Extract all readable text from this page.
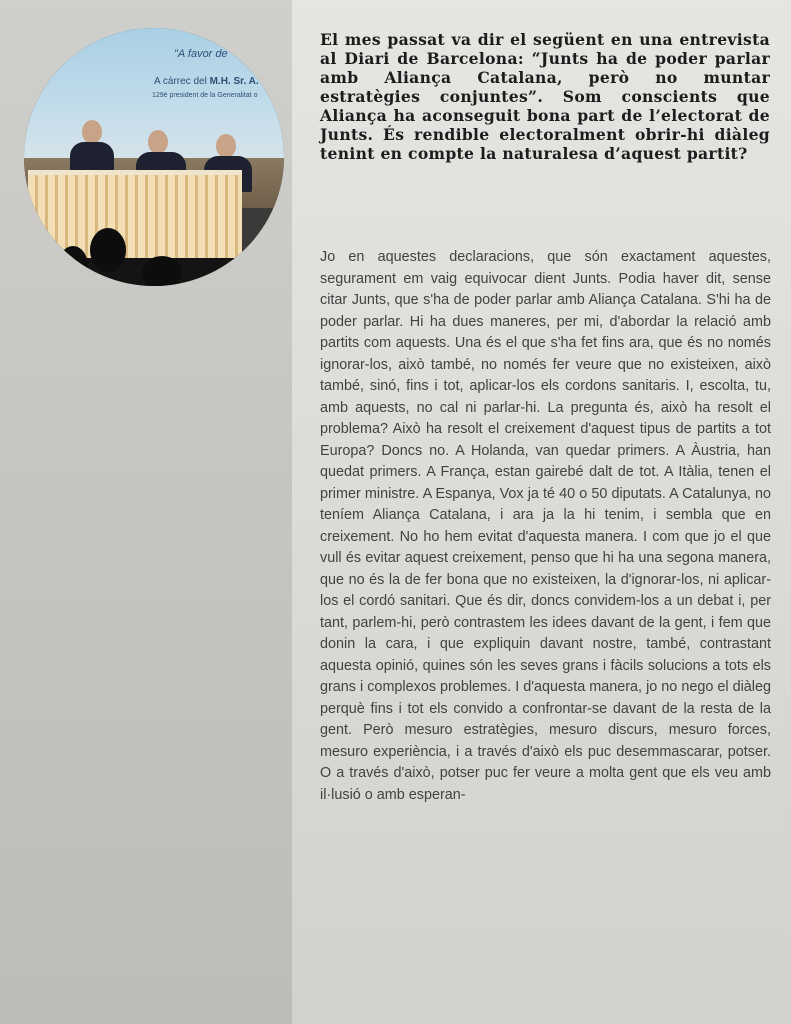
"A favor de
A càrrec del M.H. Sr. A.
129è president de la Generalitat o

El mes passat va dir el següent en una entrevista al Diari de Barcelona: “Junts ha de poder parlar amb Aliança Catalana, però no muntar estratègies conjuntes”. Som conscients que Aliança ha aconseguit bona part de l’electorat de Junts. És rendible electoralment obrir-hi diàleg tenint en compte la naturalesa d’aquest partit?

Jo en aquestes declaracions, que són exactament aquestes, segurament em vaig equivocar dient Junts. Podia haver dit, sense citar Junts, que s'ha de poder parlar amb Aliança Catalana. S'hi ha de poder parlar. Hi ha dues maneres, per mi, d'abordar la relació amb partits com aquests. Una és el que s'ha fet fins ara, que és no només ignorar-los, això també, no només fer veure que no existeixen, això també, sinó, fins i tot, aplicar-los els cordons sanitaris. I, escolta, tu, amb aquests, no cal ni parlar-hi. La pregunta és, això ha resolt el problema? Això ha resolt el creixement d'aquest tipus de partits a tot Europa? Doncs no. A Holanda, van quedar primers. A Àustria, han quedat primers. A França, estan gairebé dalt de tot. A Itàlia, tenen el primer ministre. A Espanya, Vox ja té 40 o 50 diputats. A Catalunya, no teníem Aliança Catalana, i ara ja la hi tenim, i sembla que en creixement. No ho hem evitat d'aquesta manera. I com que jo el que vull és evitar aquest creixement, penso que hi ha una segona manera, que no és la de fer bona que no existeixen, la d'ignorar-los, ni aplicar-los el cordó sanitari. Que és dir, doncs convidem-los a un debat i, per tant, parlem-hi, però contrastem les idees davant de la gent, i fem que donin la cara, i que expliquin davant nostre, també, contrastant aquesta opinió, quines són les seves grans i fàcils solucions a tots els grans i complexos problemes. I d'aquesta manera, jo no nego el diàleg perquè fins i tot els convido a confrontar-se davant de la resta de la gent. Però mesuro estratègies, mesuro discurs, mesuro forces, mesuro experiència, i a través d'això els puc desemmascarar, potser. O a través d'això, potser puc fer veure a molta gent que els veu amb il·lusió o amb esperan-
